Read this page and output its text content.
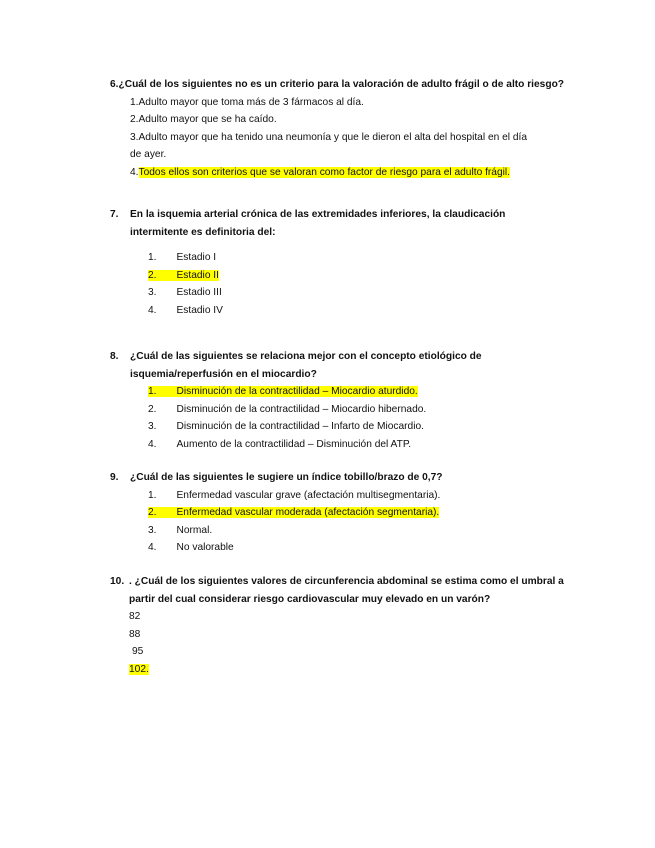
6.¿Cuál de los siguientes no es un criterio para la valoración de adulto frágil o de alto riesgo?
1.Adulto mayor que toma más de 3 fármacos al día.
2.Adulto mayor que se ha caído.
3.Adulto mayor que ha tenido una neumonía y que le dieron el alta del hospital en el día
de ayer.
4.Todos ellos son criterios que se valoran como factor de riesgo para el adulto frágil.
7. En la isquemia arterial crónica de las extremidades inferiores, la claudicación
intermitente es definitoria del:
1. Estadio I
2. Estadio II
3. Estadio III
4. Estadio IV
8. ¿Cuál de las siguientes se relaciona mejor con el concepto etiológico de
isquemia/reperfusión en el miocardio?
1. Disminución de la contractilidad – Miocardio aturdido.
2. Disminución de la contractilidad – Miocardio hibernado.
3. Disminución de la contractilidad – Infarto de Miocardio.
4. Aumento de la contractilidad – Disminución del ATP.
9. ¿Cuál de las siguientes le sugiere un índice tobillo/brazo de 0,7?
1. Enfermedad vascular grave (afectación multisegmentaria).
2. Enfermedad vascular moderada (afectación segmentaria).
3. Normal.
4. No valorable
10. . ¿Cuál de los siguientes valores de circunferencia abdominal se estima como el umbral a
partir del cual considerar riesgo cardiovascular muy elevado en un varón?
82
88
95
102.
